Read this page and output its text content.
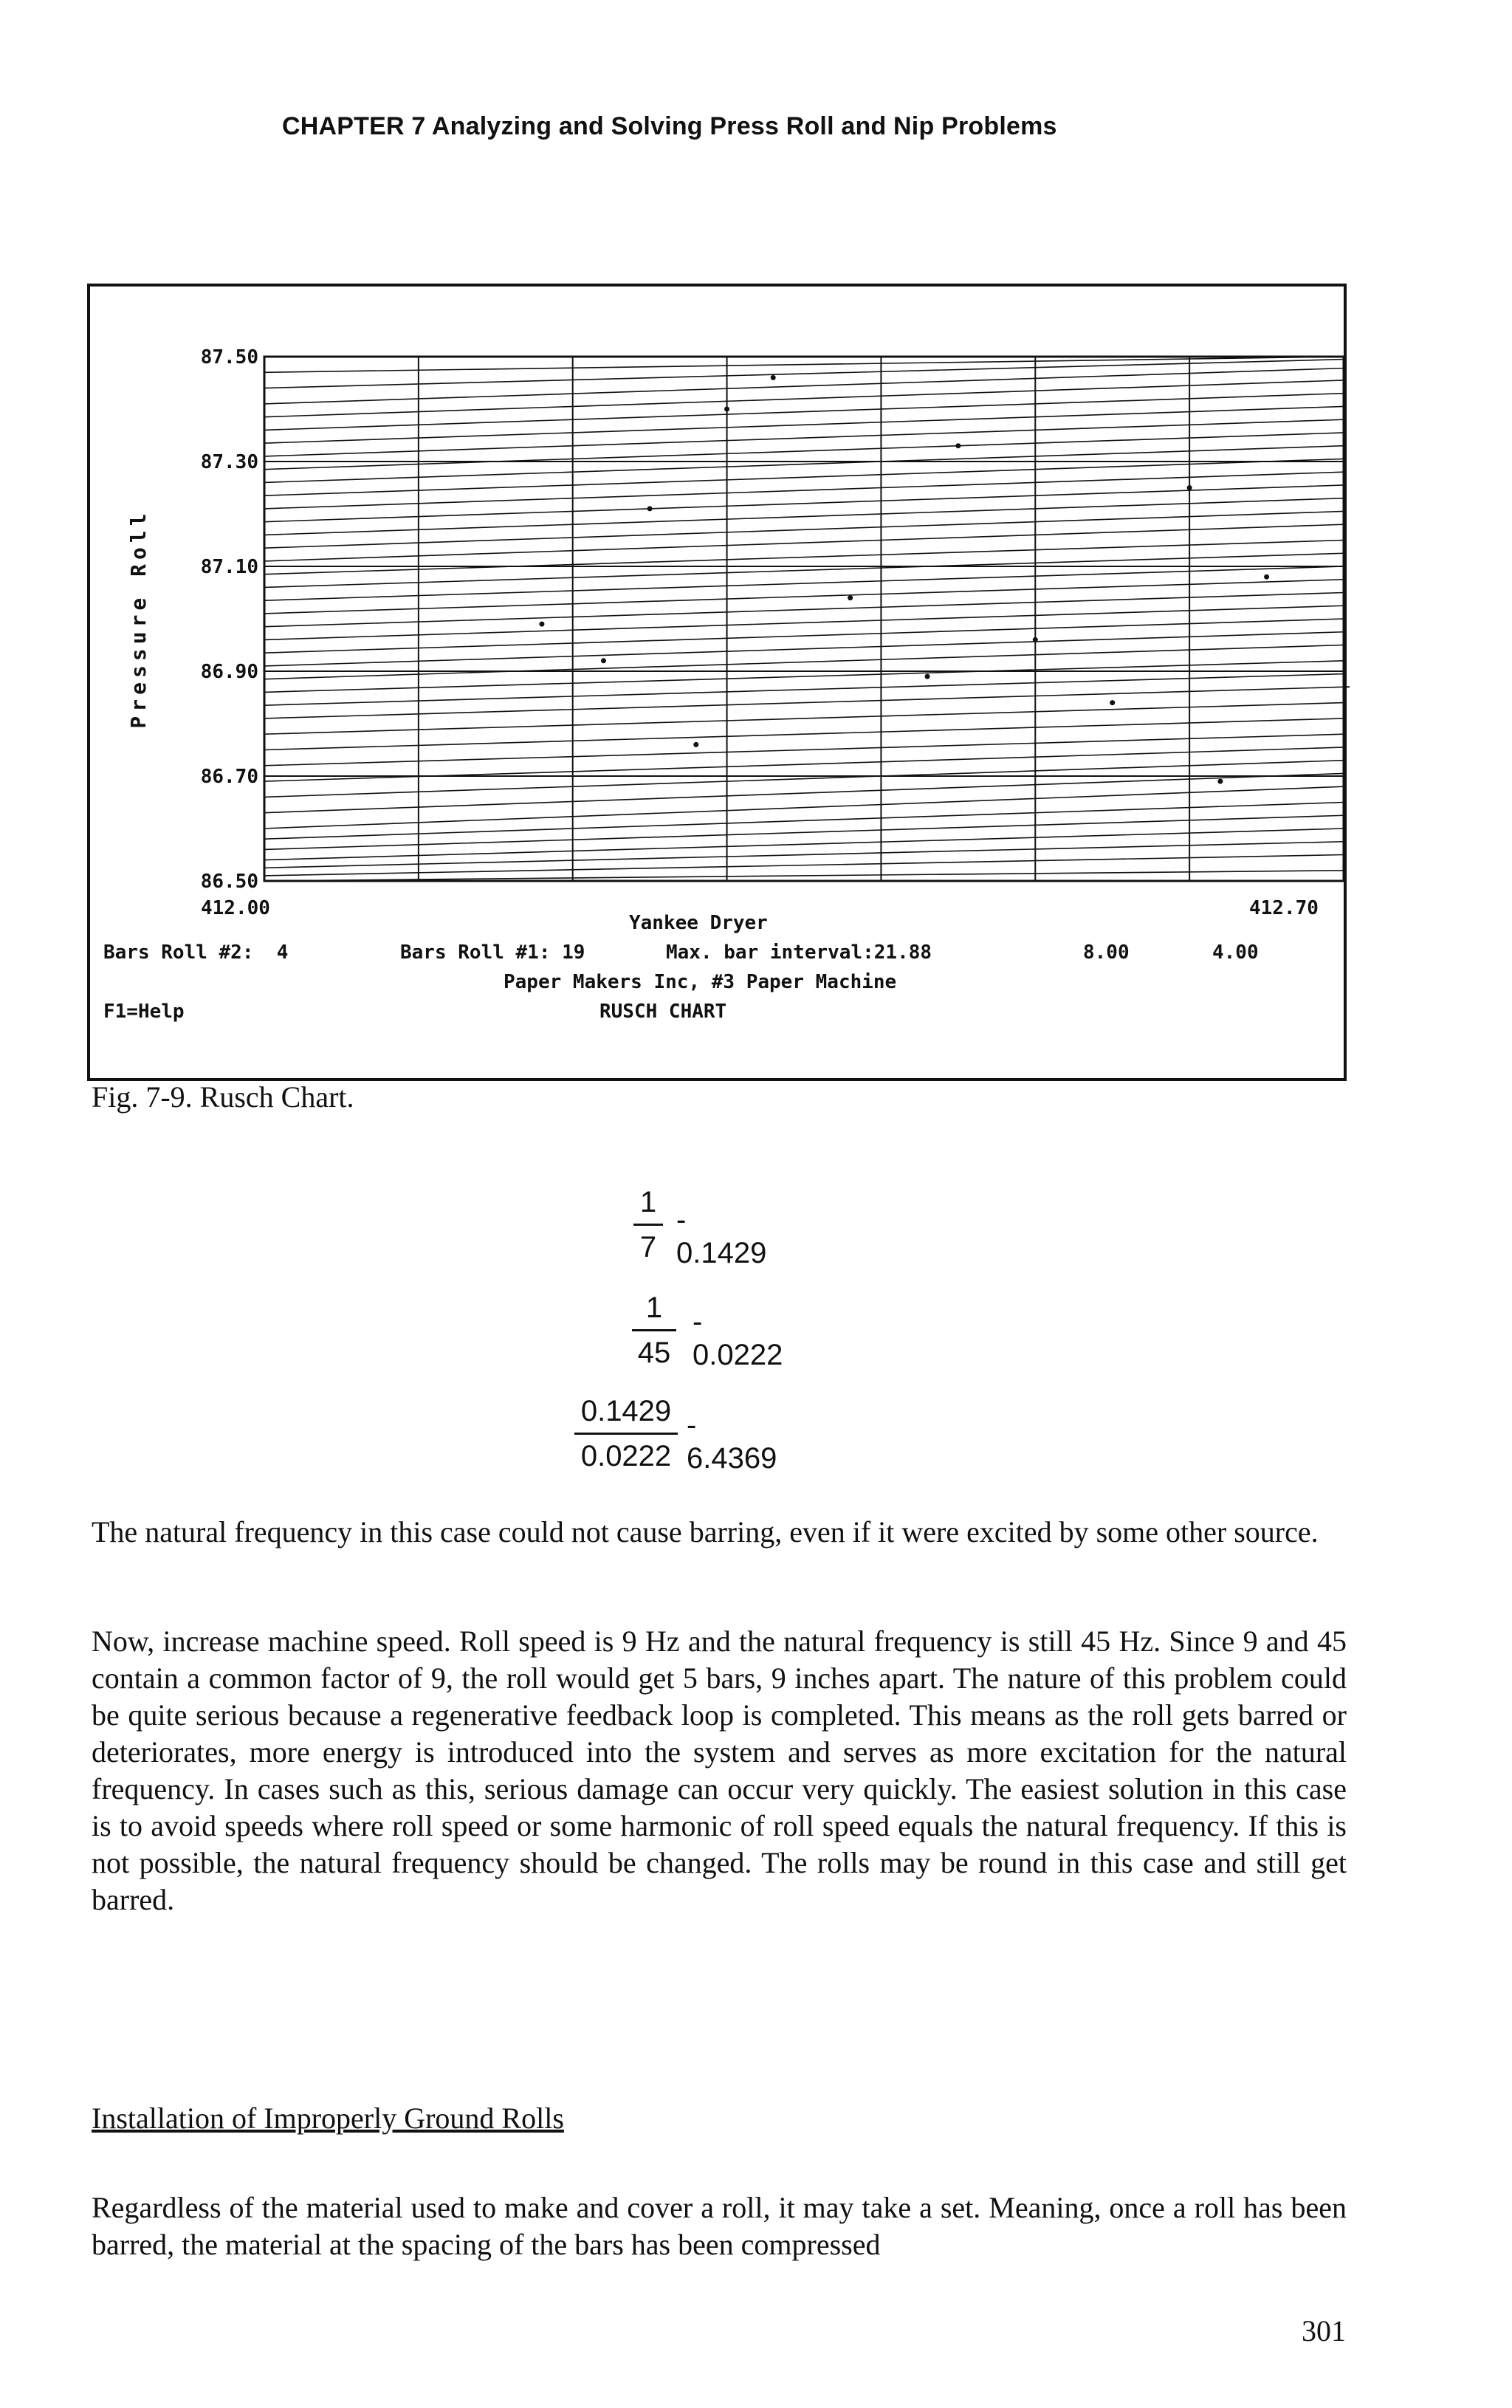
CHAPTER 7 Analyzing and Solving Press Roll and Nip Problems
Pressure Roll
87.50
87.30
87.10
86.90
86.70
86.50
412.00	412.70
Yankee Dryer
Bars Roll #2:  4	Bars Roll #1: 19	Max. bar interval:21.88	8.00	4.00
Paper Makers Inc, #3 Paper Machine
F1=Help	RUSCH CHART
Fig. 7-9. Rusch Chart.
1
7
- 0.1429
1
45
- 0.0222
0.1429
0.0222
- 6.4369
The natural frequency in this case could not cause barring, even if it were excited by some other source.
Now, increase machine speed. Roll speed is 9 Hz and the natural frequency is still 45 Hz. Since 9 and 45 contain a common factor of 9, the roll would get 5 bars, 9 inches apart. The nature of this problem could be quite serious because a regenerative feedback loop is completed. This means as the roll gets barred or deteriorates, more energy is introduced into the system and serves as more excitation for the natural frequency. In cases such as this, serious damage can occur very quickly. The easiest solution in this case is to avoid speeds where roll speed or some harmonic of roll speed equals the natural frequency. If this is not possible, the natural frequency should be changed. The rolls may be round in this case and still get barred.
Installation of Improperly Ground Rolls
Regardless of the material used to make and cover a roll, it may take a set. Meaning, once a roll has been barred, the material at the spacing of the bars has been compressed
301
